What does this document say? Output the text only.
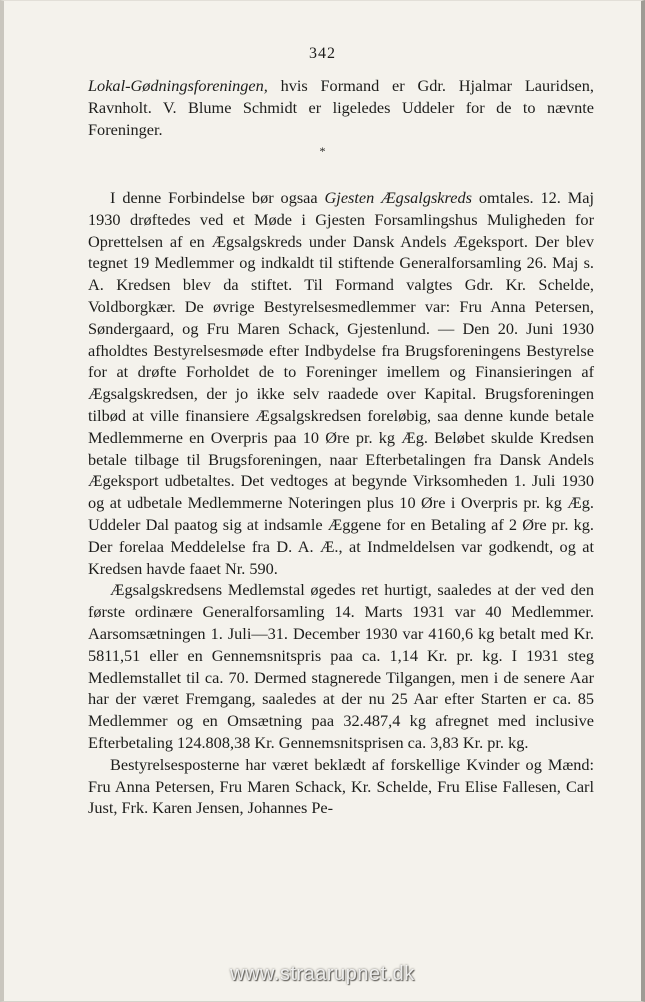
342

Lokal-Gødningsforeningen, hvis Formand er Gdr. Hjalmar Lauridsen, Ravnholt. V. Blume Schmidt er ligeledes Uddeler for de to nævnte Foreninger.

*

I denne Forbindelse bør ogsaa Gjesten Ægsalgskreds omtales. 12. Maj 1930 drøftedes ved et Møde i Gjesten Forsamlingshus Muligheden for Oprettelsen af en Ægsalgskreds under Dansk Andels Ægeksport. Der blev tegnet 19 Medlemmer og indkaldt til stiftende Generalforsamling 26. Maj s. A. Kredsen blev da stiftet. Til Formand valgtes Gdr. Kr. Schelde, Voldborgkær. De øvrige Bestyrelsesmedlemmer var: Fru Anna Petersen, Søndergaard, og Fru Maren Schack, Gjestenlund. — Den 20. Juni 1930 afholdtes Bestyrelsesmøde efter Indbydelse fra Brugsforeningens Bestyrelse for at drøfte Forholdet de to Foreninger imellem og Finansieringen af Ægsalgskredsen, der jo ikke selv raadede over Kapital. Brugsforeningen tilbød at ville finansiere Ægsalgskredsen foreløbig, saa denne kunde betale Medlemmerne en Overpris paa 10 Øre pr. kg Æg. Beløbet skulde Kredsen betale tilbage til Brugsforeningen, naar Efterbetalingen fra Dansk Andels Ægeksport udbetaltes. Det vedtoges at begynde Virksomheden 1. Juli 1930 og at udbetale Medlemmerne Noteringen plus 10 Øre i Overpris pr. kg Æg. Uddeler Dal paatog sig at indsamle Æggene for en Betaling af 2 Øre pr. kg. Der forelaa Meddelelse fra D. A. Æ., at Indmeldelsen var godkendt, og at Kredsen havde faaet Nr. 590.

Ægsalgskredsens Medlemstal øgedes ret hurtigt, saaledes at der ved den første ordinære Generalforsamling 14. Marts 1931 var 40 Medlemmer. Aarsomsætningen 1. Juli—31. December 1930 var 4160,6 kg betalt med Kr. 5811,51 eller en Gennemsnitspris paa ca. 1,14 Kr. pr. kg. I 1931 steg Medlemstallet til ca. 70. Dermed stagnerede Tilgangen, men i de senere Aar har der været Fremgang, saaledes at der nu 25 Aar efter Starten er ca. 85 Medlemmer og en Omsætning paa 32.487,4 kg afregnet med inclusive Efterbetaling 124.808,38 Kr. Gennemsnitsprisen ca. 3,83 Kr. pr. kg.

Bestyrelsesposterne har været beklædt af forskellige Kvinder og Mænd: Fru Anna Petersen, Fru Maren Schack, Kr. Schelde, Fru Elise Fallesen, Carl Just, Frk. Karen Jensen, Johannes Pe-

www.straarupnet.dk
